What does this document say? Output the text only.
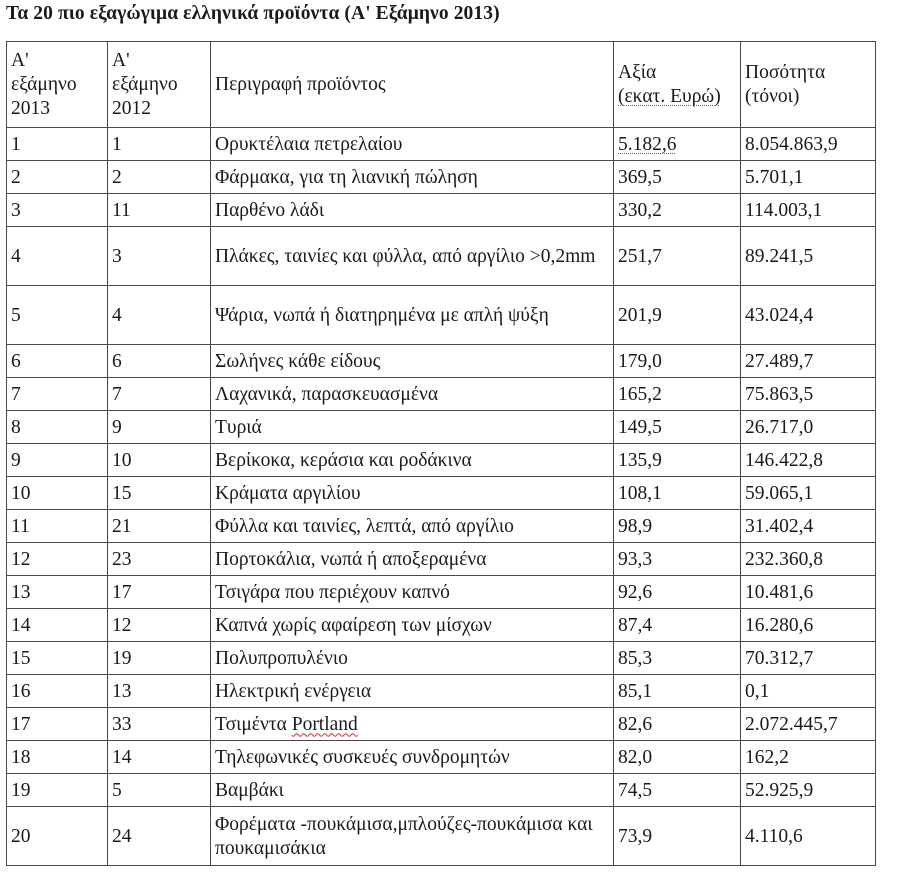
Τα 20 πιο εξαγώγιμα ελληνικά προϊόντα (Α' Εξάμηνο 2013)
Α'
εξάμηνο
2013	Α'
εξάμηνο
2012	Περιγραφή προϊόντος	Αξία
(εκατ. Ευρώ)	Ποσότητα
(τόνοι)
1	1	Ορυκτέλαια πετρελαίου	5.182,6	8.054.863,9
2	2	Φάρμακα, για τη λιανική πώληση	369,5	5.701,1
3	11	Παρθένο λάδι	330,2	114.003,1
4	3	Πλάκες, ταινίες και φύλλα, από αργίλιο >0,2mm	251,7	89.241,5
5	4	Ψάρια, νωπά ή διατηρημένα με απλή ψύξη	201,9	43.024,4
6	6	Σωλήνες κάθε είδους	179,0	27.489,7
7	7	Λαχανικά, παρασκευασμένα	165,2	75.863,5
8	9	Τυριά	149,5	26.717,0
9	10	Βερίκοκα, κεράσια και ροδάκινα	135,9	146.422,8
10	15	Κράματα αργιλίου	108,1	59.065,1
11	21	Φύλλα και ταινίες, λεπτά, από αργίλιο	98,9	31.402,4
12	23	Πορτοκάλια, νωπά ή αποξεραμένα	93,3	232.360,8
13	17	Τσιγάρα που περιέχουν καπνό	92,6	10.481,6
14	12	Καπνά χωρίς αφαίρεση των μίσχων	87,4	16.280,6
15	19	Πολυπροπυλένιο	85,3	70.312,7
16	13	Ηλεκτρική ενέργεια	85,1	0,1
17	33	Τσιμέντα Portland	82,6	2.072.445,7
18	14	Τηλεφωνικές συσκευές συνδρομητών	82,0	162,2
19	5	Βαμβάκι	74,5	52.925,9
20	24	Φορέματα -πουκάμισα,μπλούζες-πουκάμισα και πουκαμισάκια	73,9	4.110,6
